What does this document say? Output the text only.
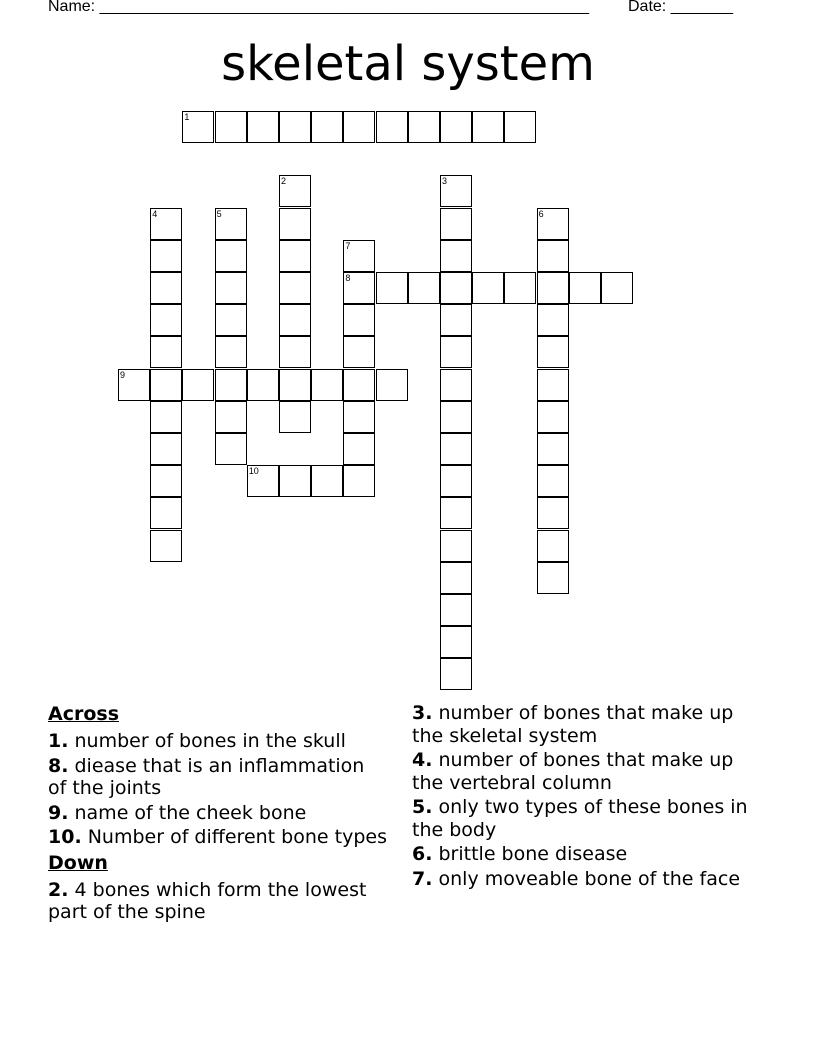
Name: _______________________________________________________ Date: _______
skeletal system
1
2	3
4	5	6
7
8
9
10
Across
1. number of bones in the skull
8. diease that is an inflammation of the joints
9. name of the cheek bone
10. Number of different bone types
Down
2. 4 bones which form the lowest part of the spine
3. number of bones that make up the skeletal system
4. number of bones that make up the vertebral column
5. only two types of these bones in the body
6. brittle bone disease
7. only moveable bone of the face
